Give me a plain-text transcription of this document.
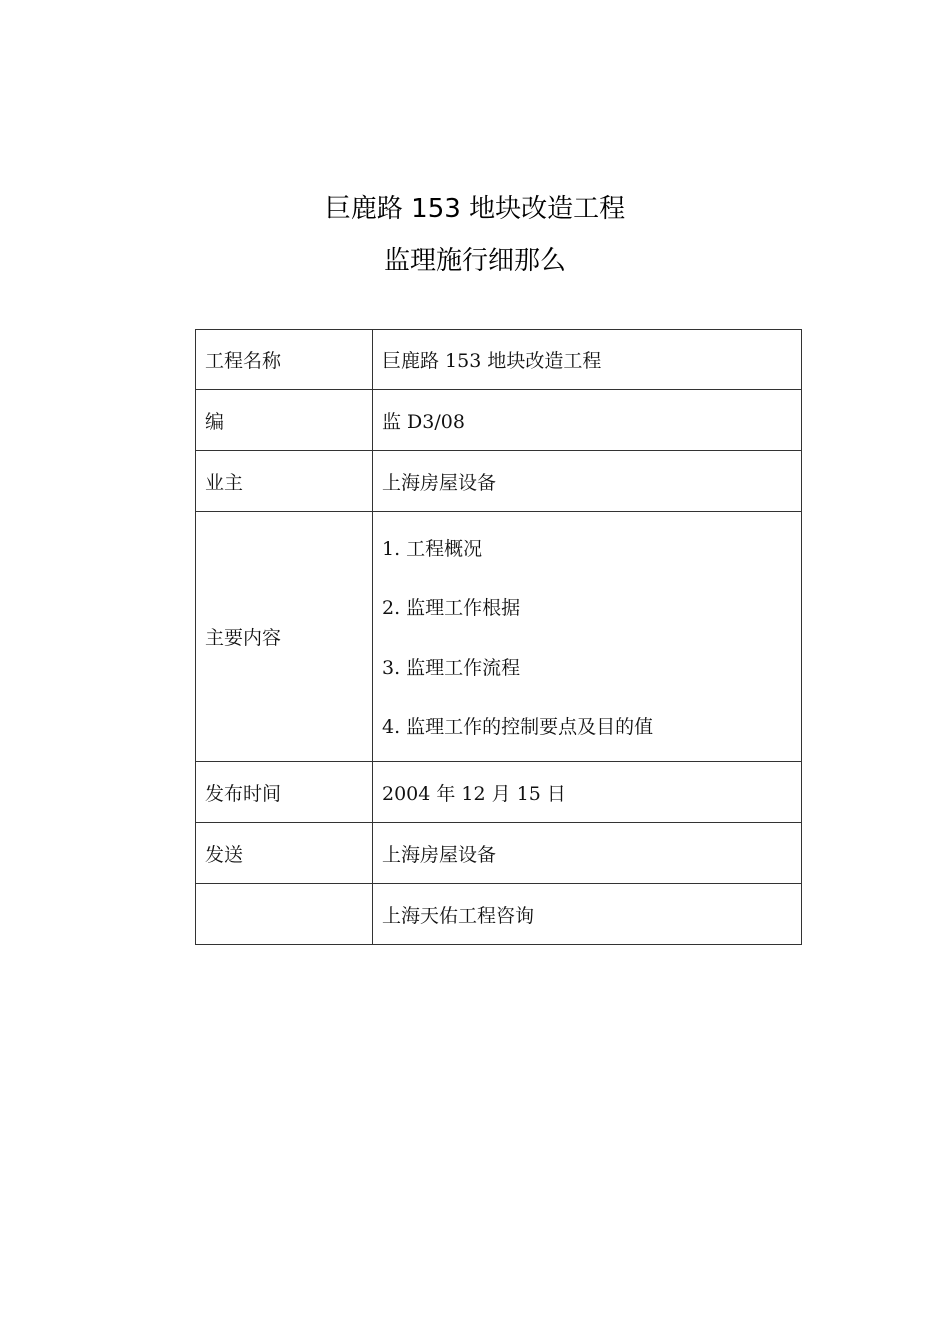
巨鹿路 153 地块改造工程
监理施行细那么
工程名称	巨鹿路 153 地块改造工程
编	监 D3/08
业主	上海房屋设备
主要内容	1. 工程概况
2. 监理工作根据
3. 监理工作流程
4. 监理工作的控制要点及目的值

发布时间	2004 年 12 月 15 日
发送	上海房屋设备
	上海天佑工程咨询
